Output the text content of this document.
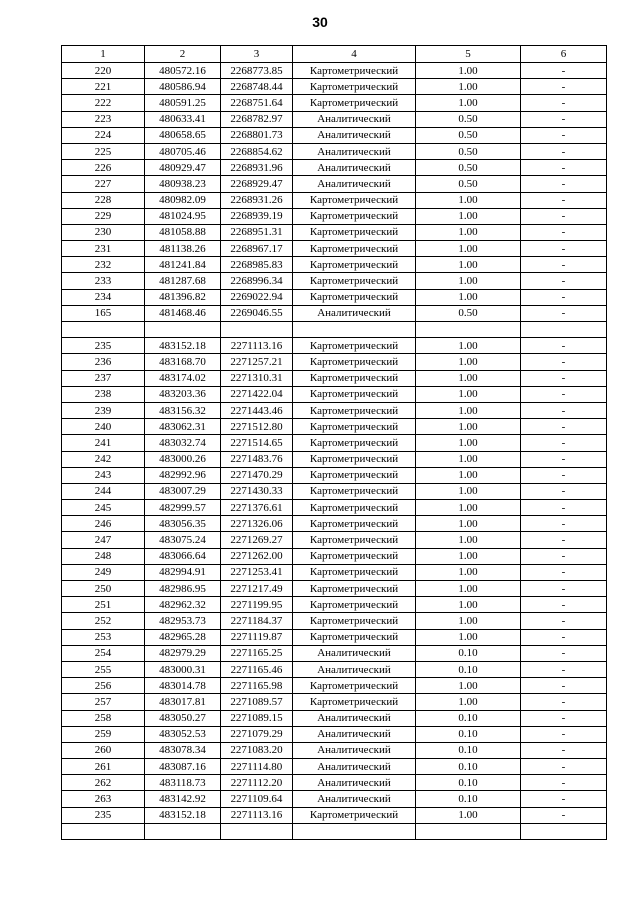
30
1	2	3	4	5	6
220	480572.16	2268773.85	Картометрический	1.00	-
221	480586.94	2268748.44	Картометрический	1.00	-
222	480591.25	2268751.64	Картометрический	1.00	-
223	480633.41	2268782.97	Аналитический	0.50	-
224	480658.65	2268801.73	Аналитический	0.50	-
225	480705.46	2268854.62	Аналитический	0.50	-
226	480929.47	2268931.96	Аналитический	0.50	-
227	480938.23	2268929.47	Аналитический	0.50	-
228	480982.09	2268931.26	Картометрический	1.00	-
229	481024.95	2268939.19	Картометрический	1.00	-
230	481058.88	2268951.31	Картометрический	1.00	-
231	481138.26	2268967.17	Картометрический	1.00	-
232	481241.84	2268985.83	Картометрический	1.00	-
233	481287.68	2268996.34	Картометрический	1.00	-
234	481396.82	2269022.94	Картометрический	1.00	-
165	481468.46	2269046.55	Аналитический	0.50	-

235	483152.18	2271113.16	Картометрический	1.00	-
236	483168.70	2271257.21	Картометрический	1.00	-
237	483174.02	2271310.31	Картометрический	1.00	-
238	483203.36	2271422.04	Картометрический	1.00	-
239	483156.32	2271443.46	Картометрический	1.00	-
240	483062.31	2271512.80	Картометрический	1.00	-
241	483032.74	2271514.65	Картометрический	1.00	-
242	483000.26	2271483.76	Картометрический	1.00	-
243	482992.96	2271470.29	Картометрический	1.00	-
244	483007.29	2271430.33	Картометрический	1.00	-
245	482999.57	2271376.61	Картометрический	1.00	-
246	483056.35	2271326.06	Картометрический	1.00	-
247	483075.24	2271269.27	Картометрический	1.00	-
248	483066.64	2271262.00	Картометрический	1.00	-
249	482994.91	2271253.41	Картометрический	1.00	-
250	482986.95	2271217.49	Картометрический	1.00	-
251	482962.32	2271199.95	Картометрический	1.00	-
252	482953.73	2271184.37	Картометрический	1.00	-
253	482965.28	2271119.87	Картометрический	1.00	-
254	482979.29	2271165.25	Аналитический	0.10	-
255	483000.31	2271165.46	Аналитический	0.10	-
256	483014.78	2271165.98	Картометрический	1.00	-
257	483017.81	2271089.57	Картометрический	1.00	-
258	483050.27	2271089.15	Аналитический	0.10	-
259	483052.53	2271079.29	Аналитический	0.10	-
260	483078.34	2271083.20	Аналитический	0.10	-
261	483087.16	2271114.80	Аналитический	0.10	-
262	483118.73	2271112.20	Аналитический	0.10	-
263	483142.92	2271109.64	Аналитический	0.10	-
235	483152.18	2271113.16	Картометрический	1.00	-
